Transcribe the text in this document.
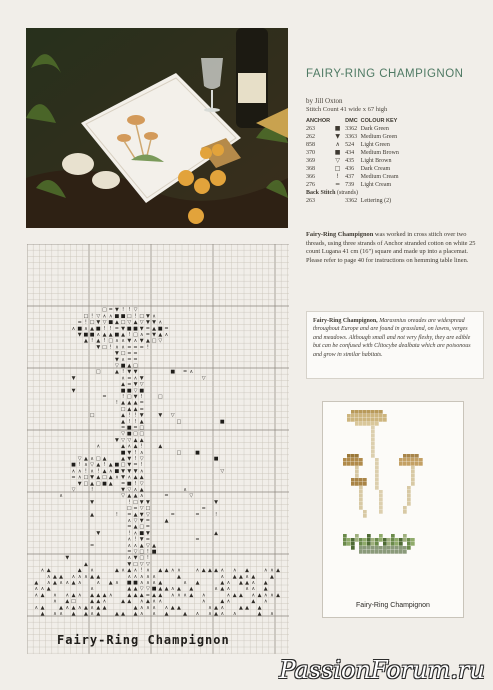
FAIRY-RING CHAMPIGNON
by Jill Oxton
Stitch Count 41 wide x 67 high
ANCHOR		DMC	COLOUR KEY
263	■	3362	Dark Green
262	▼	3363	Medium Green
858	∧	524	Light Green
370	■	434	Medium Brown
369	▽	435	Light Brown
368	□	436	Dark Cream
366	!	437	Medium Cream
276	=	739	Light Cream
Back Stitch (strands)			
263		3362	Lettering (2)
Fairy-Ring Champignon was worked in cross stitch over two threads, using three strands of Anchor stranded cotton on white 25 count Lugana 41 cm (16") square and made up into a placemat. Please refer to page 40 for instructions on hemming table linen.

Fairy-Ring Champignon, Marasmius oreades are widespread throughout Europe and are found in grassland, on lawns, verges and meadows. Although small and not very fleshy, they are edible but can be confused with Clitocybe dealbata which are poisonous and grow in similar habitats.

□ = ▼ ! ! ▽
□ ! ▽ ∧ ∧ ■ ■ □ ! □ ▼ ∧
= ! □ ▼ ▽ ■ ▲ □ ▽ ▲ ▽ ▼ ▼ ∧
∧ ■ ∧ ▲ ■ ! ! = ▼ ■ ■ ▼ = ▲ ■ =
▼ ■ ■ ∧ ▲ ▲ ■ ▲ ! □ ∧ = ▼ ▲ ∧
▲ ! ▲ ! □ ∧ ∧ ▼ ∧ ▼ ▲ □ ▽
▼ □ ! ∧ ∧ = = = !
▼ □ = =
▼ ∧ = =
▽ ■ ▲ □
□	▲ ! ▼ ▼	■ = ∧
▼	∧ = ∧ ▼	▽
▲ = ▼ ▽
▼	■ ■ ▽ ■
=	! □ ▼ !	□
! ▲ ▲ ▲ =
□ ▲ ▲ =
□	▲ ! ! ▼	▼ ▽
▲ ! ! ▲	□	■
= ■ = □
▽ ■ □ □
▼ ▽ ▽ ▲ ▲
∧	▲ ∧ ▲ !	▲
■ ▼ ! ∧	□	■
▽ ▲ ∧ □ ▲	▲ ▼ ! ▽	■
■ ! ∧ ▽ ▲ ! ▲ ■ □ ▼ = !
∧ ∧ ! ∧ ! ▲ ∧ ■ ▼ ▼ ▼ ∧	▽
= ∧ □ ▼ ▲ □ ▲ ∧ ▼ ∧ ▲ ▲
▼ □ ▲ □ ■ ▲ = ■ ! ▽
▽	!	▼ ▽ ∧ ▲	∧
∧	▽ ▲ ▲ ∧	=	▽
▼	! □ ▼ ▼	▼
□ = ▽ □	=
▲	! = ▲ ▼ ▽	=	=	!
∧ ▽ ▼ =	▲
= ▲ □ =
▼	! ∧ ■ ▼	▲
∧ ! ▼ =	=
=	∧ ∧ ▲ ▽ ▲
= ▽ □ ! ■
▼	∧ ▼ □ !
▲	▼ □ ▽ ▽
∧ ▲	▲ ∧	▲ ∧ ▲ ∧ ! ∧ ▲ ▲ ∧ ∧	∧ ▲ ▲ ▲ ∧ ∧ ▲	∧ ∧ ▲
∧ ▲ ▲ ∧ ∧ ∧ ▲ ▲	∧ ∧ ∧ ∧ ∧	▲	∧ ▲ ▲ ∧ ▲	▲
▲ ∧ ▲ ∧ ∧ ▲ ∧	∧ ▲ ∧ ■ ■ ∧ ∧ ∧ ▲	∧ ▲	▲ ∧ ▲ ▲ ∧ ▲
∧ ∧ ▲	∧	▲ ▲ ▽ ▽ ■ ▲ ▲ ∧ ▲ ▲	∧ ▲ ∧	∧ ∧ ▲
∧ ▲ ∧ ∧ ▲ ∧ ▲ ▲ ▲ ∧	▲ ▲ ▲ = ▲ ▲ ∧ ∧ ∧ ▲ ∧	∧ ▲ ▲ ∧ ▲ ∧ ∧ ▲
∧ ▲ □	▲ ▲ ∧	▲ ▲ ∧ ▲ ∧ ∧	∧	▲ ∧	▲ ∧
∧ ▲	▲ ∧ ▲ ∧ ▲ ∧ ▲ ▲	▲ ∧ ∧ ∧ ∧ ▲ ▲	∧ ▲ ∧	▲ ▲ ▲
▲ ∧ ∧ ▲ ▲ ∧ ▲	▲ ▲ ▲ ∧ ∧ ▲	▲ ∧ ∧ ▲ ∧ ∧	▲ ∧
Fairy-Ring Champignon
Fairy-Ring Champignon
PassionForum.ru
